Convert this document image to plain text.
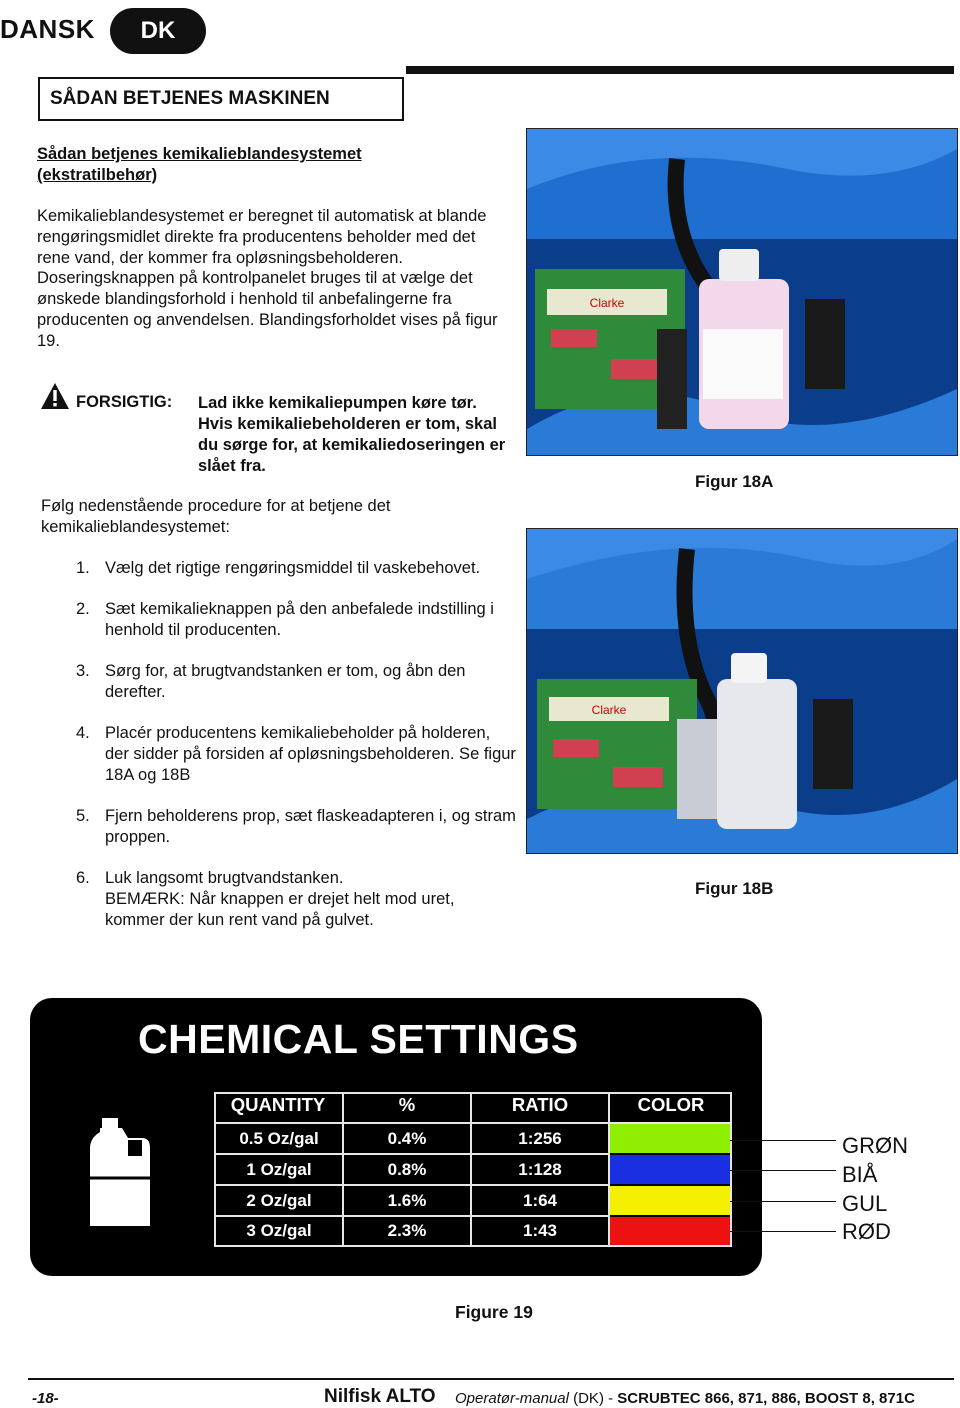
DANSK	DK
SÅDAN BETJENES MASKINEN
Sådan betjenes kemikalieblandesystemet
(ekstratilbehør)
Kemikalieblandesystemet er beregnet til automatisk at blande rengøringsmidlet direkte fra producentens beholder med det rene vand, der kommer fra opløsningsbeholderen. Doseringsknappen på kontrolpanelet bruges til at vælge det ønskede blandingsforhold i henhold til anbefalingerne fra producenten og anvendelsen. Blandingsforholdet vises på figur 19.
FORSIGTIG: Lad ikke kemikaliepumpen køre tør. Hvis kemikaliebeholderen er tom, skal du sørge for, at kemikaliedoseringen er slået fra.
Følg nedenstående procedure for at betjene det kemikalieblandesystemet:
1. Vælg det rigtige rengøringsmiddel til vaskebehovet.
2. Sæt kemikalieknappen på den anbefalede indstilling i henhold til producenten.
3. Sørg for, at brugtvandstanken er tom, og åbn den derefter.
4. Placér producentens kemikaliebeholder på holderen, der sidder på forsiden af opløsningsbeholderen. Se figur 18A og 18B
5. Fjern beholderens prop, sæt flaskeadapteren i, og stram proppen.
6. Luk langsomt brugtvandstanken.
BEMÆRK: Når knappen er drejet helt mod uret, kommer der kun rent vand på gulvet.
Clarke
Figur 18A
Clarke
Figur 18B
CHEMICAL SETTINGS
QUANTITY	%	RATIO	COLOR
0.5 Oz/gal	0.4%	1:256
1 Oz/gal	0.8%	1:128
2 Oz/gal	1.6%	1:64
3 Oz/gal	2.3%	1:43
GRØN
BIÅ
GUL
RØD
Figure 19
-18-	Nilfisk ALTO Operatør-manual (DK) - SCRUBTEC 866, 871, 886, BOOST 8, 871C
